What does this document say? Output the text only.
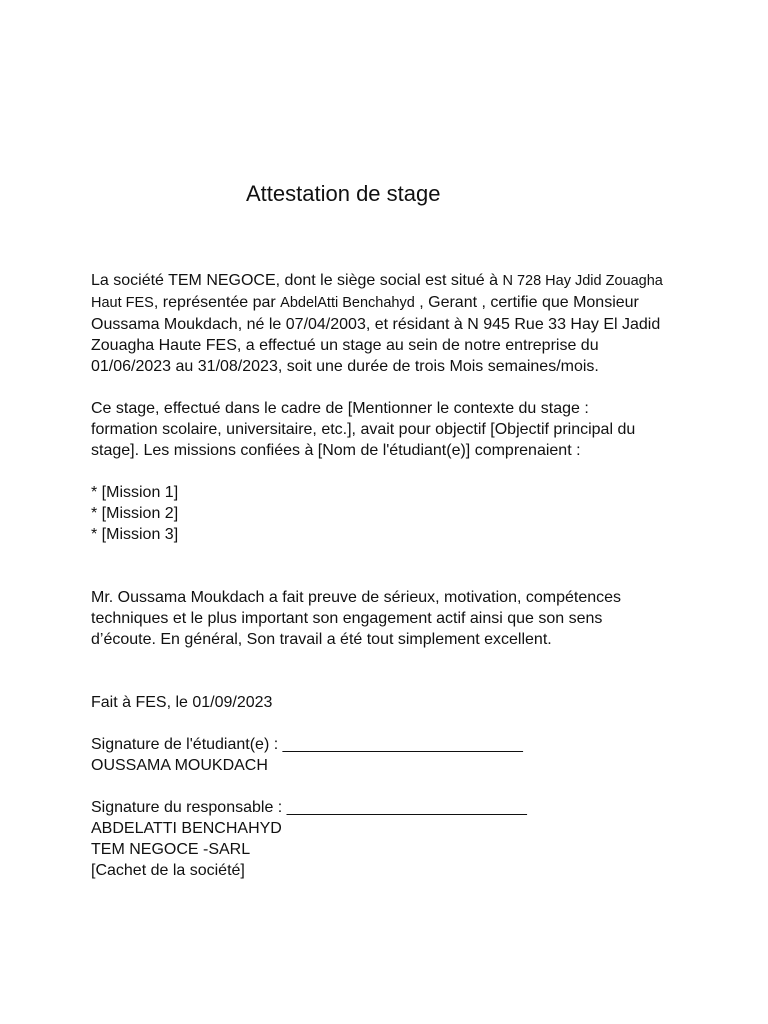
Attestation de stage
La société TEM NEGOCE, dont le siège social est situé à N 728 Hay Jdid Zouagha
Haut FES, représentée par AbdelAtti Benchahyd , Gerant , certifie que Monsieur
Oussama Moukdach, né le 07/04/2003, et résidant à N 945 Rue 33 Hay El Jadid
Zouagha Haute FES, a effectué un stage au sein de notre entreprise du
01/06/2023 au 31/08/2023, soit une durée de trois Mois semaines/mois.
Ce stage, effectué dans le cadre de [Mentionner le contexte du stage :
formation scolaire, universitaire, etc.], avait pour objectif [Objectif principal du
stage]. Les missions confiées à [Nom de l'étudiant(e)] comprenaient :
* [Mission 1]
* [Mission 2]
* [Mission 3]
Mr. Oussama Moukdach a fait preuve de sérieux, motivation, compétences
techniques et le plus important son engagement actif ainsi que son sens
d’écoute. En général, Son travail a été tout simplement excellent.
Fait à FES, le 01/09/2023
Signature de l'étudiant(e) : ___________________________
OUSSAMA MOUKDACH
Signature du responsable : ___________________________
ABDELATTI BENCHAHYD
TEM NEGOCE -SARL
[Cachet de la société]
